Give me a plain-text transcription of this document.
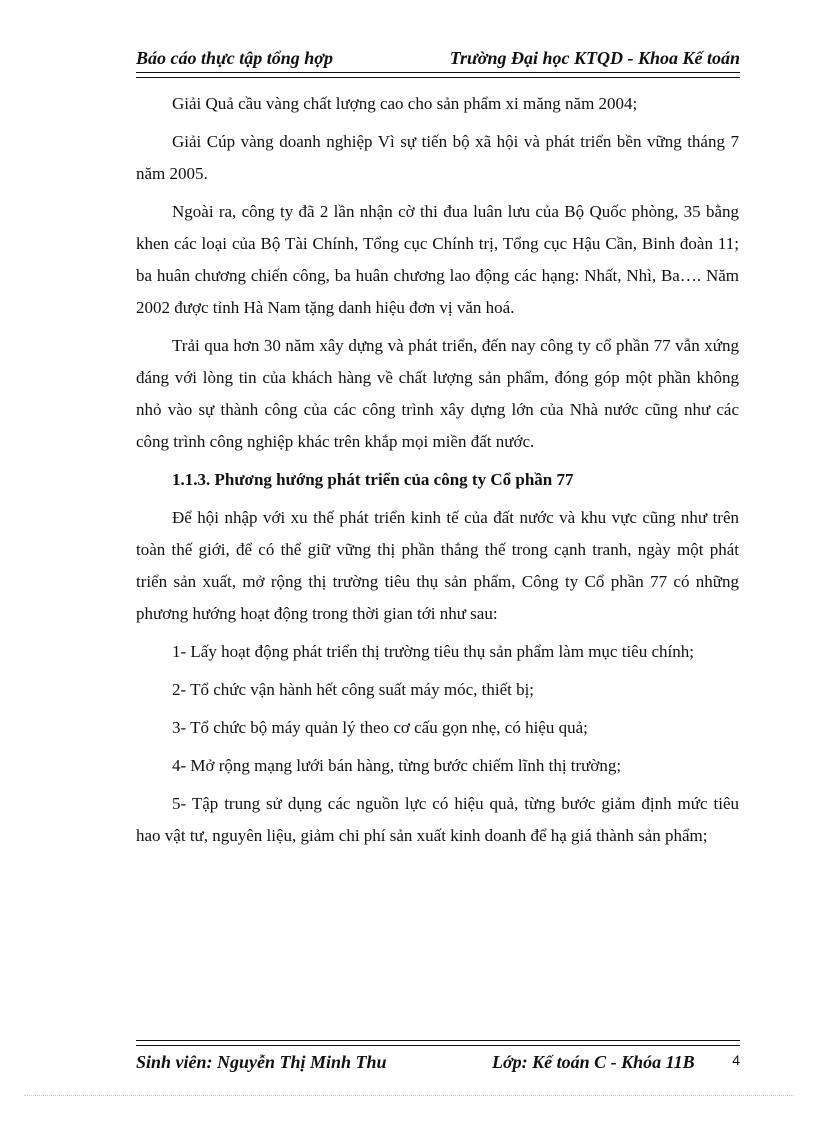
Báo cáo thực tập tổng hợp	Trường Đại học KTQD - Khoa Kế toán

Giải Quả cầu vàng chất lượng cao cho sản phẩm xi măng năm 2004;

Giải Cúp vàng doanh nghiệp Vì sự tiến bộ xã hội và phát triển bền vững tháng 7 năm 2005.

Ngoài ra, công ty đã 2 lần nhận cờ thi đua luân lưu của Bộ Quốc phòng, 35 bằng khen các loại của Bộ Tài Chính, Tổng cục Chính trị, Tổng cục Hậu Cần, Binh đoàn 11; ba huân chương chiến công, ba huân chương lao động các hạng: Nhất, Nhì, Ba…. Năm 2002 được tỉnh Hà Nam tặng danh hiệu đơn vị văn hoá.

Trải qua hơn 30 năm xây dựng và phát triển, đến nay công ty cổ phần 77 vẫn xứng đáng với lòng tin của khách hàng về chất lượng sản phẩm, đóng góp một phần không nhỏ vào sự thành công của các công trình xây dựng lớn của Nhà nước cũng như các công trình công nghiệp khác trên khắp mọi miền đất nước.

1.1.3. Phương hướng phát triển của công ty Cổ phần 77

Để hội nhập với xu thế phát triển kinh tế của đất nước và khu vực cũng như trên toàn thế giới, để có thể giữ vững thị phần thắng thế trong cạnh tranh, ngày một phát triển sản xuất, mở rộng thị trường tiêu thụ sản phẩm, Công ty Cổ phần 77 có những phương hướng hoạt động trong thời gian tới như sau:

1- Lấy hoạt động phát triển thị trường tiêu thụ sản phẩm làm mục tiêu chính;

2- Tổ chức vận hành hết công suất máy móc, thiết bị;

3- Tổ chức bộ máy quản lý theo cơ cấu gọn nhẹ, có hiệu quả;

4- Mở rộng mạng lưới bán hàng, từng bước chiếm lĩnh thị trường;

5- Tập trung sử dụng các nguồn lực có hiệu quả, từng bước giảm định mức tiêu hao vật tư, nguyên liệu, giảm chi phí sản xuất kinh doanh để hạ giá thành sản phẩm;

Sinh viên: Nguyễn Thị Minh Thu	Lớp: Kế toán C - Khóa 11B	4
